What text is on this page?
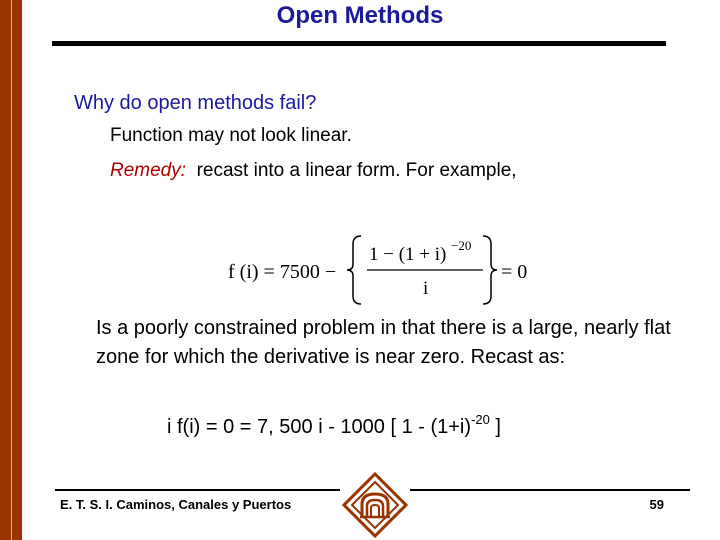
Open Methods
Why do open methods fail?
Function may not look linear.
Remedy: recast into a linear form. For example,
f (i) = 7500 −
1 − (1 + i) −20
i
= 0
Is a poorly constrained problem in that there is a large, nearly flat zone for which the derivative is near zero. Recast as:
i f(i) = 0 = 7, 500 i - 1000 [ $1 - (1+i)^{-20}$ ]
E. T. S. I. Caminos, Canales y Puertos	59
